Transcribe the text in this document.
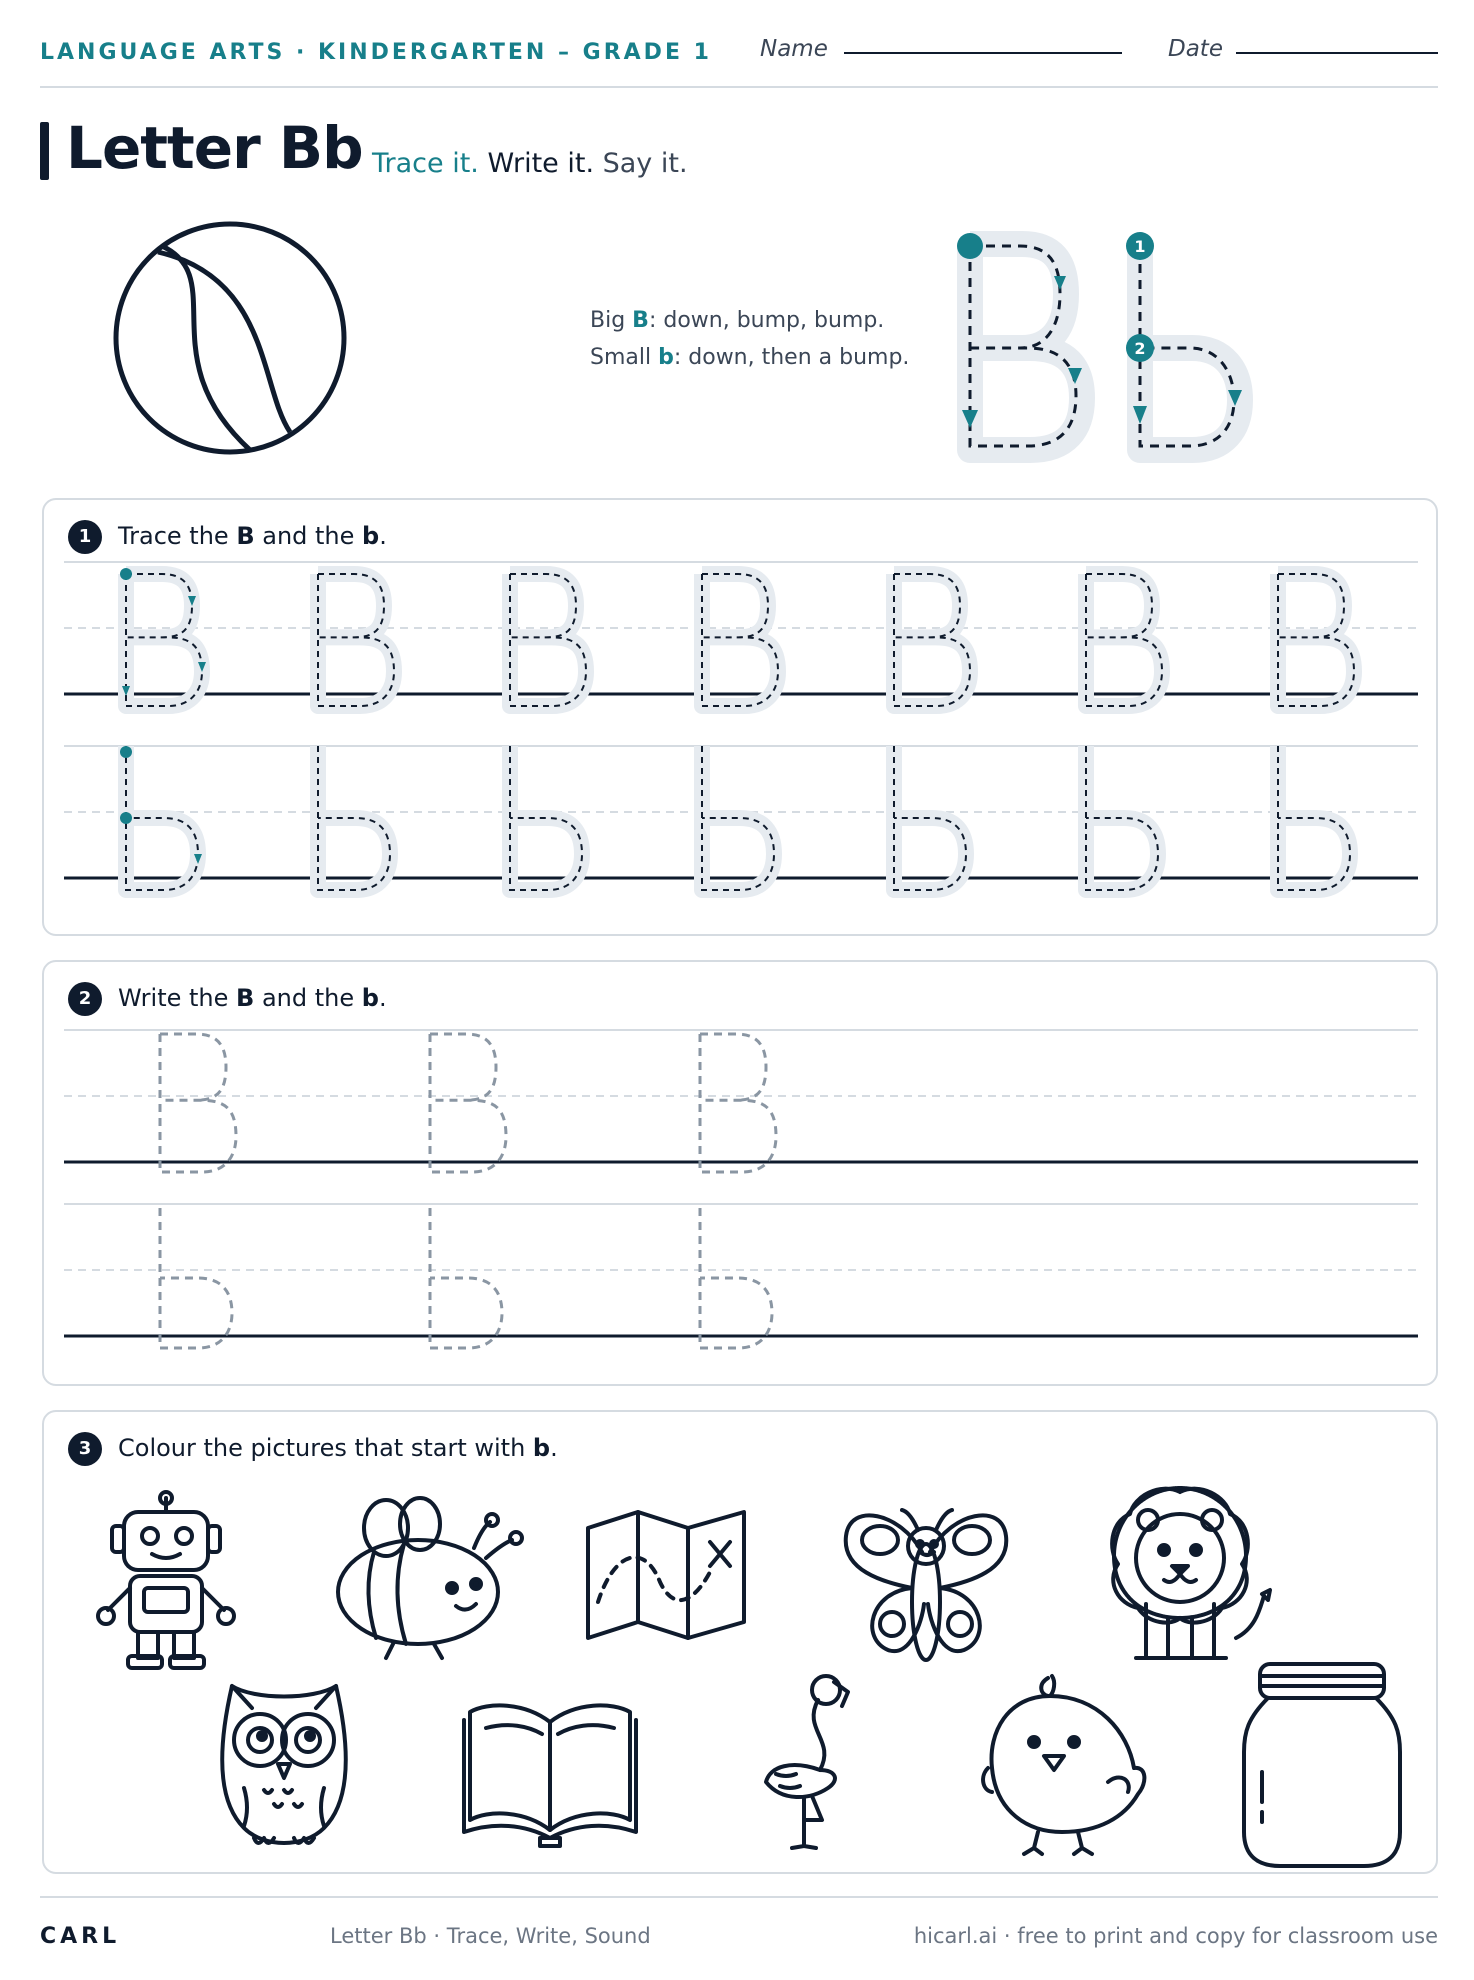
LANGUAGE ARTS · KINDERGARTEN – GRADE 1 Name	Date
Letter Bb Trace it. Write it. Say it.
Big B: down, bump, bump.
Small b: down, then a bump.
1
2
1	Trace the B and the b.
2	Write the B and the b.
3	Colour the pictures that start with b.
CARL	Letter Bb · Trace, Write, Sound	hicarl.ai · free to print and copy for classroom use
